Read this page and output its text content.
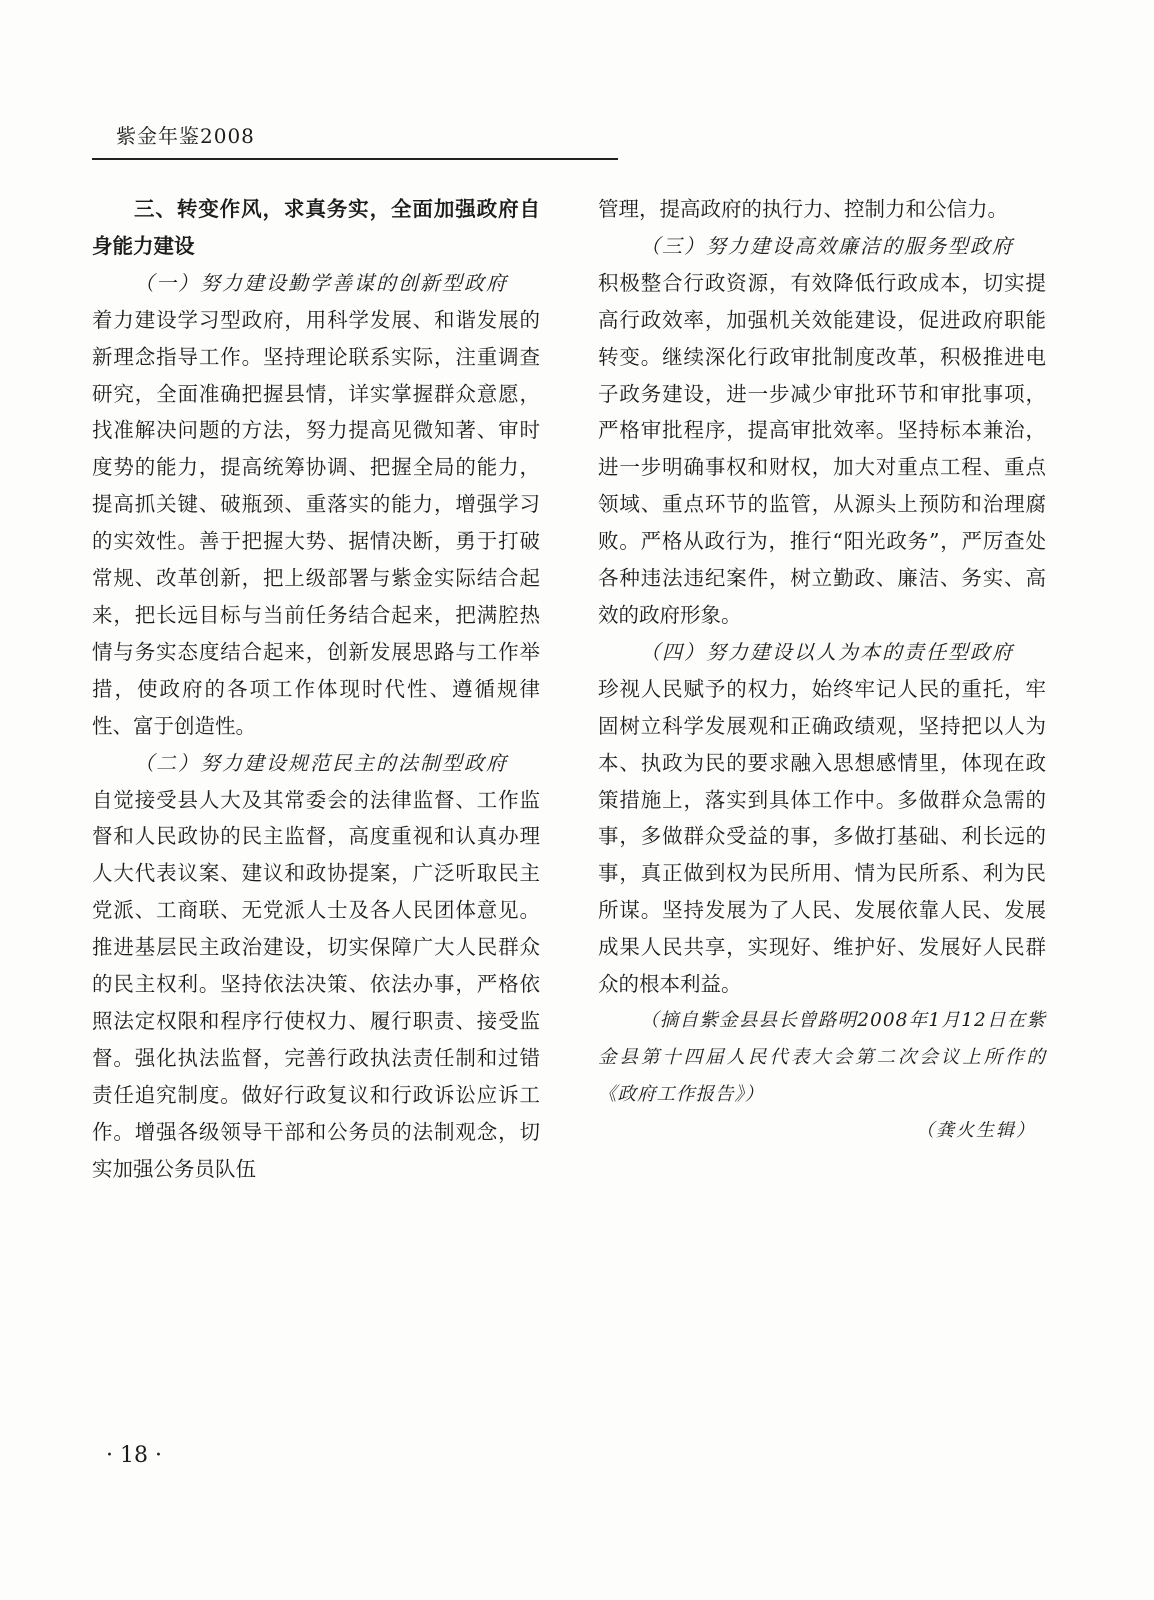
紫金年鉴2008

三、转变作风，求真务实，全面加强政府自身能力建设

（一）努力建设勤学善谋的创新型政府

着力建设学习型政府，用科学发展、和谐发展的新理念指导工作。坚持理论联系实际，注重调查研究，全面准确把握县情，详实掌握群众意愿，找准解决问题的方法，努力提高见微知著、审时度势的能力，提高统筹协调、把握全局的能力，提高抓关键、破瓶颈、重落实的能力，增强学习的实效性。善于把握大势、据情决断，勇于打破常规、改革创新，把上级部署与紫金实际结合起来，把长远目标与当前任务结合起来，把满腔热情与务实态度结合起来，创新发展思路与工作举措，使政府的各项工作体现时代性、遵循规律性、富于创造性。

（二）努力建设规范民主的法制型政府

自觉接受县人大及其常委会的法律监督、工作监督和人民政协的民主监督，高度重视和认真办理人大代表议案、建议和政协提案，广泛听取民主党派、工商联、无党派人士及各人民团体意见。推进基层民主政治建设，切实保障广大人民群众的民主权利。坚持依法决策、依法办事，严格依照法定权限和程序行使权力、履行职责、接受监督。强化执法监督，完善行政执法责任制和过错责任追究制度。做好行政复议和行政诉讼应诉工作。增强各级领导干部和公务员的法制观念，切实加强公务员队伍

管理，提高政府的执行力、控制力和公信力。

（三）努力建设高效廉洁的服务型政府

积极整合行政资源，有效降低行政成本，切实提高行政效率，加强机关效能建设，促进政府职能转变。继续深化行政审批制度改革，积极推进电子政务建设，进一步减少审批环节和审批事项，严格审批程序，提高审批效率。坚持标本兼治，进一步明确事权和财权，加大对重点工程、重点领域、重点环节的监管，从源头上预防和治理腐败。严格从政行为，推行“阳光政务”，严厉查处各种违法违纪案件，树立勤政、廉洁、务实、高效的政府形象。

（四）努力建设以人为本的责任型政府

珍视人民赋予的权力，始终牢记人民的重托，牢固树立科学发展观和正确政绩观，坚持把以人为本、执政为民的要求融入思想感情里，体现在政策措施上，落实到具体工作中。多做群众急需的事，多做群众受益的事，多做打基础、利长远的事，真正做到权为民所用、情为民所系、利为民所谋。坚持发展为了人民、发展依靠人民、发展成果人民共享，实现好、维护好、发展好人民群众的根本利益。

（摘自紫金县县长曾路明2008年1月12日在紫金县第十四届人民代表大会第二次会议上所作的《政府工作报告》）

（龚火生辑）

· 18 ·
